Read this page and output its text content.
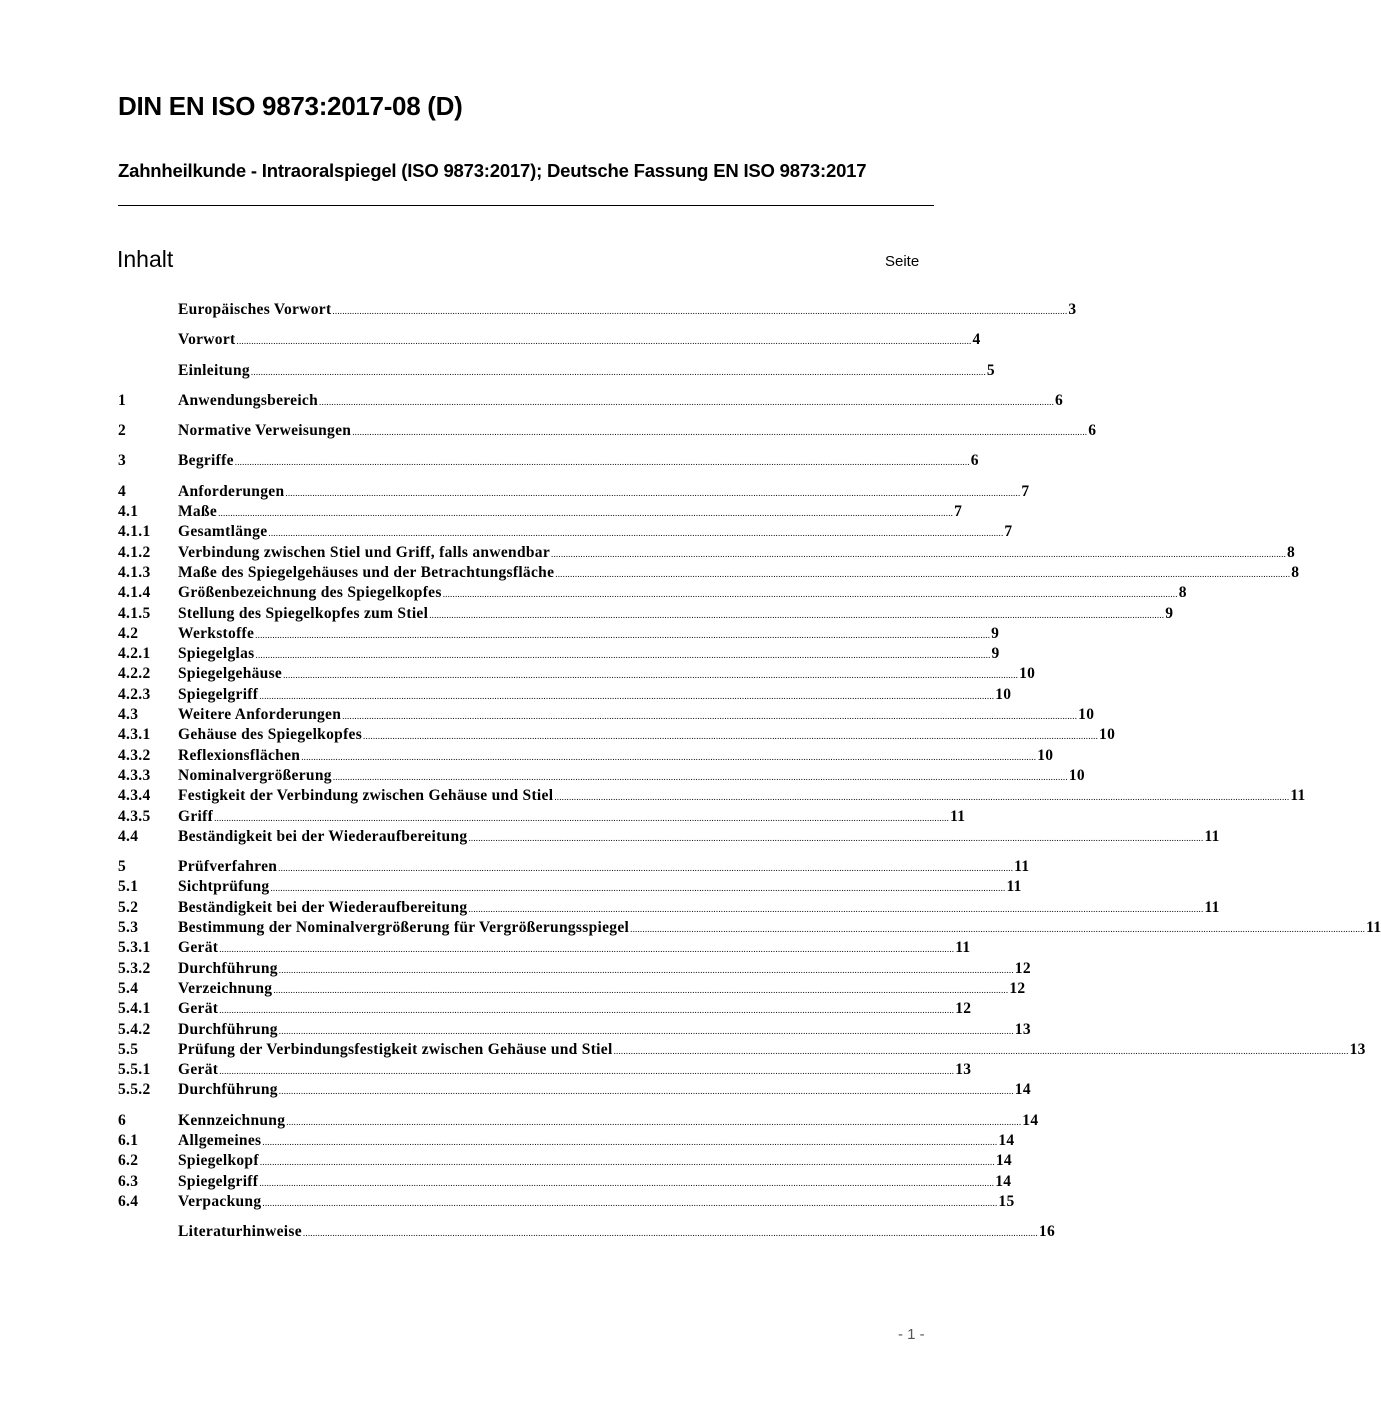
DIN EN ISO 9873:2017-08 (D)
Zahnheilkunde - Intraoralspiegel (ISO 9873:2017); Deutsche Fassung EN ISO 9873:2017
Inhalt	Seite
Europäisches Vorwort ............................................................................................................................................................................................................................................................................................................ 3
Vorwort ............................................................................................................................................................................................................................................................................................................ 4
Einleitung ............................................................................................................................................................................................................................................................................................................ 5
1	Anwendungsbereich ............................................................................................................................................................................................................................................................................................................ 6
2	Normative Verweisungen ............................................................................................................................................................................................................................................................................................................ 6
3	Begriffe ............................................................................................................................................................................................................................................................................................................ 6
4	Anforderungen ............................................................................................................................................................................................................................................................................................................ 7
4.1	Maße ............................................................................................................................................................................................................................................................................................................ 7
4.1.1	Gesamtlänge ............................................................................................................................................................................................................................................................................................................ 7
4.1.2	Verbindung zwischen Stiel und Griff, falls anwendbar ............................................................................................................................................................................................................................................................................................................ 8
4.1.3	Maße des Spiegelgehäuses und der Betrachtungsfläche ............................................................................................................................................................................................................................................................................................................ 8
4.1.4	Größenbezeichnung des Spiegelkopfes ............................................................................................................................................................................................................................................................................................................ 8
4.1.5	Stellung des Spiegelkopfes zum Stiel ............................................................................................................................................................................................................................................................................................................ 9
4.2	Werkstoffe ............................................................................................................................................................................................................................................................................................................ 9
4.2.1	Spiegelglas ............................................................................................................................................................................................................................................................................................................ 9
4.2.2	Spiegelgehäuse ............................................................................................................................................................................................................................................................................................................ 10
4.2.3	Spiegelgriff ............................................................................................................................................................................................................................................................................................................ 10
4.3	Weitere Anforderungen ............................................................................................................................................................................................................................................................................................................ 10
4.3.1	Gehäuse des Spiegelkopfes ............................................................................................................................................................................................................................................................................................................ 10
4.3.2	Reflexionsflächen ............................................................................................................................................................................................................................................................................................................ 10
4.3.3	Nominalvergrößerung ............................................................................................................................................................................................................................................................................................................ 10
4.3.4	Festigkeit der Verbindung zwischen Gehäuse und Stiel ............................................................................................................................................................................................................................................................................................................ 11
4.3.5	Griff ............................................................................................................................................................................................................................................................................................................ 11
4.4	Beständigkeit bei der Wiederaufbereitung ............................................................................................................................................................................................................................................................................................................ 11
5	Prüfverfahren ............................................................................................................................................................................................................................................................................................................ 11
5.1	Sichtprüfung ............................................................................................................................................................................................................................................................................................................ 11
5.2	Beständigkeit bei der Wiederaufbereitung ............................................................................................................................................................................................................................................................................................................ 11
5.3	Bestimmung der Nominalvergrößerung für Vergrößerungsspiegel ............................................................................................................................................................................................................................................................................................................ 11
5.3.1	Gerät ............................................................................................................................................................................................................................................................................................................ 11
5.3.2	Durchführung ............................................................................................................................................................................................................................................................................................................ 12
5.4	Verzeichnung ............................................................................................................................................................................................................................................................................................................ 12
5.4.1	Gerät ............................................................................................................................................................................................................................................................................................................ 12
5.4.2	Durchführung ............................................................................................................................................................................................................................................................................................................ 13
5.5	Prüfung der Verbindungsfestigkeit zwischen Gehäuse und Stiel ............................................................................................................................................................................................................................................................................................................ 13
5.5.1	Gerät ............................................................................................................................................................................................................................................................................................................ 13
5.5.2	Durchführung ............................................................................................................................................................................................................................................................................................................ 14
6	Kennzeichnung ............................................................................................................................................................................................................................................................................................................ 14
6.1	Allgemeines ............................................................................................................................................................................................................................................................................................................ 14
6.2	Spiegelkopf ............................................................................................................................................................................................................................................................................................................ 14
6.3	Spiegelgriff ............................................................................................................................................................................................................................................................................................................ 14
6.4	Verpackung ............................................................................................................................................................................................................................................................................................................ 15
Literaturhinweise ............................................................................................................................................................................................................................................................................................................ 16
- 1 -
